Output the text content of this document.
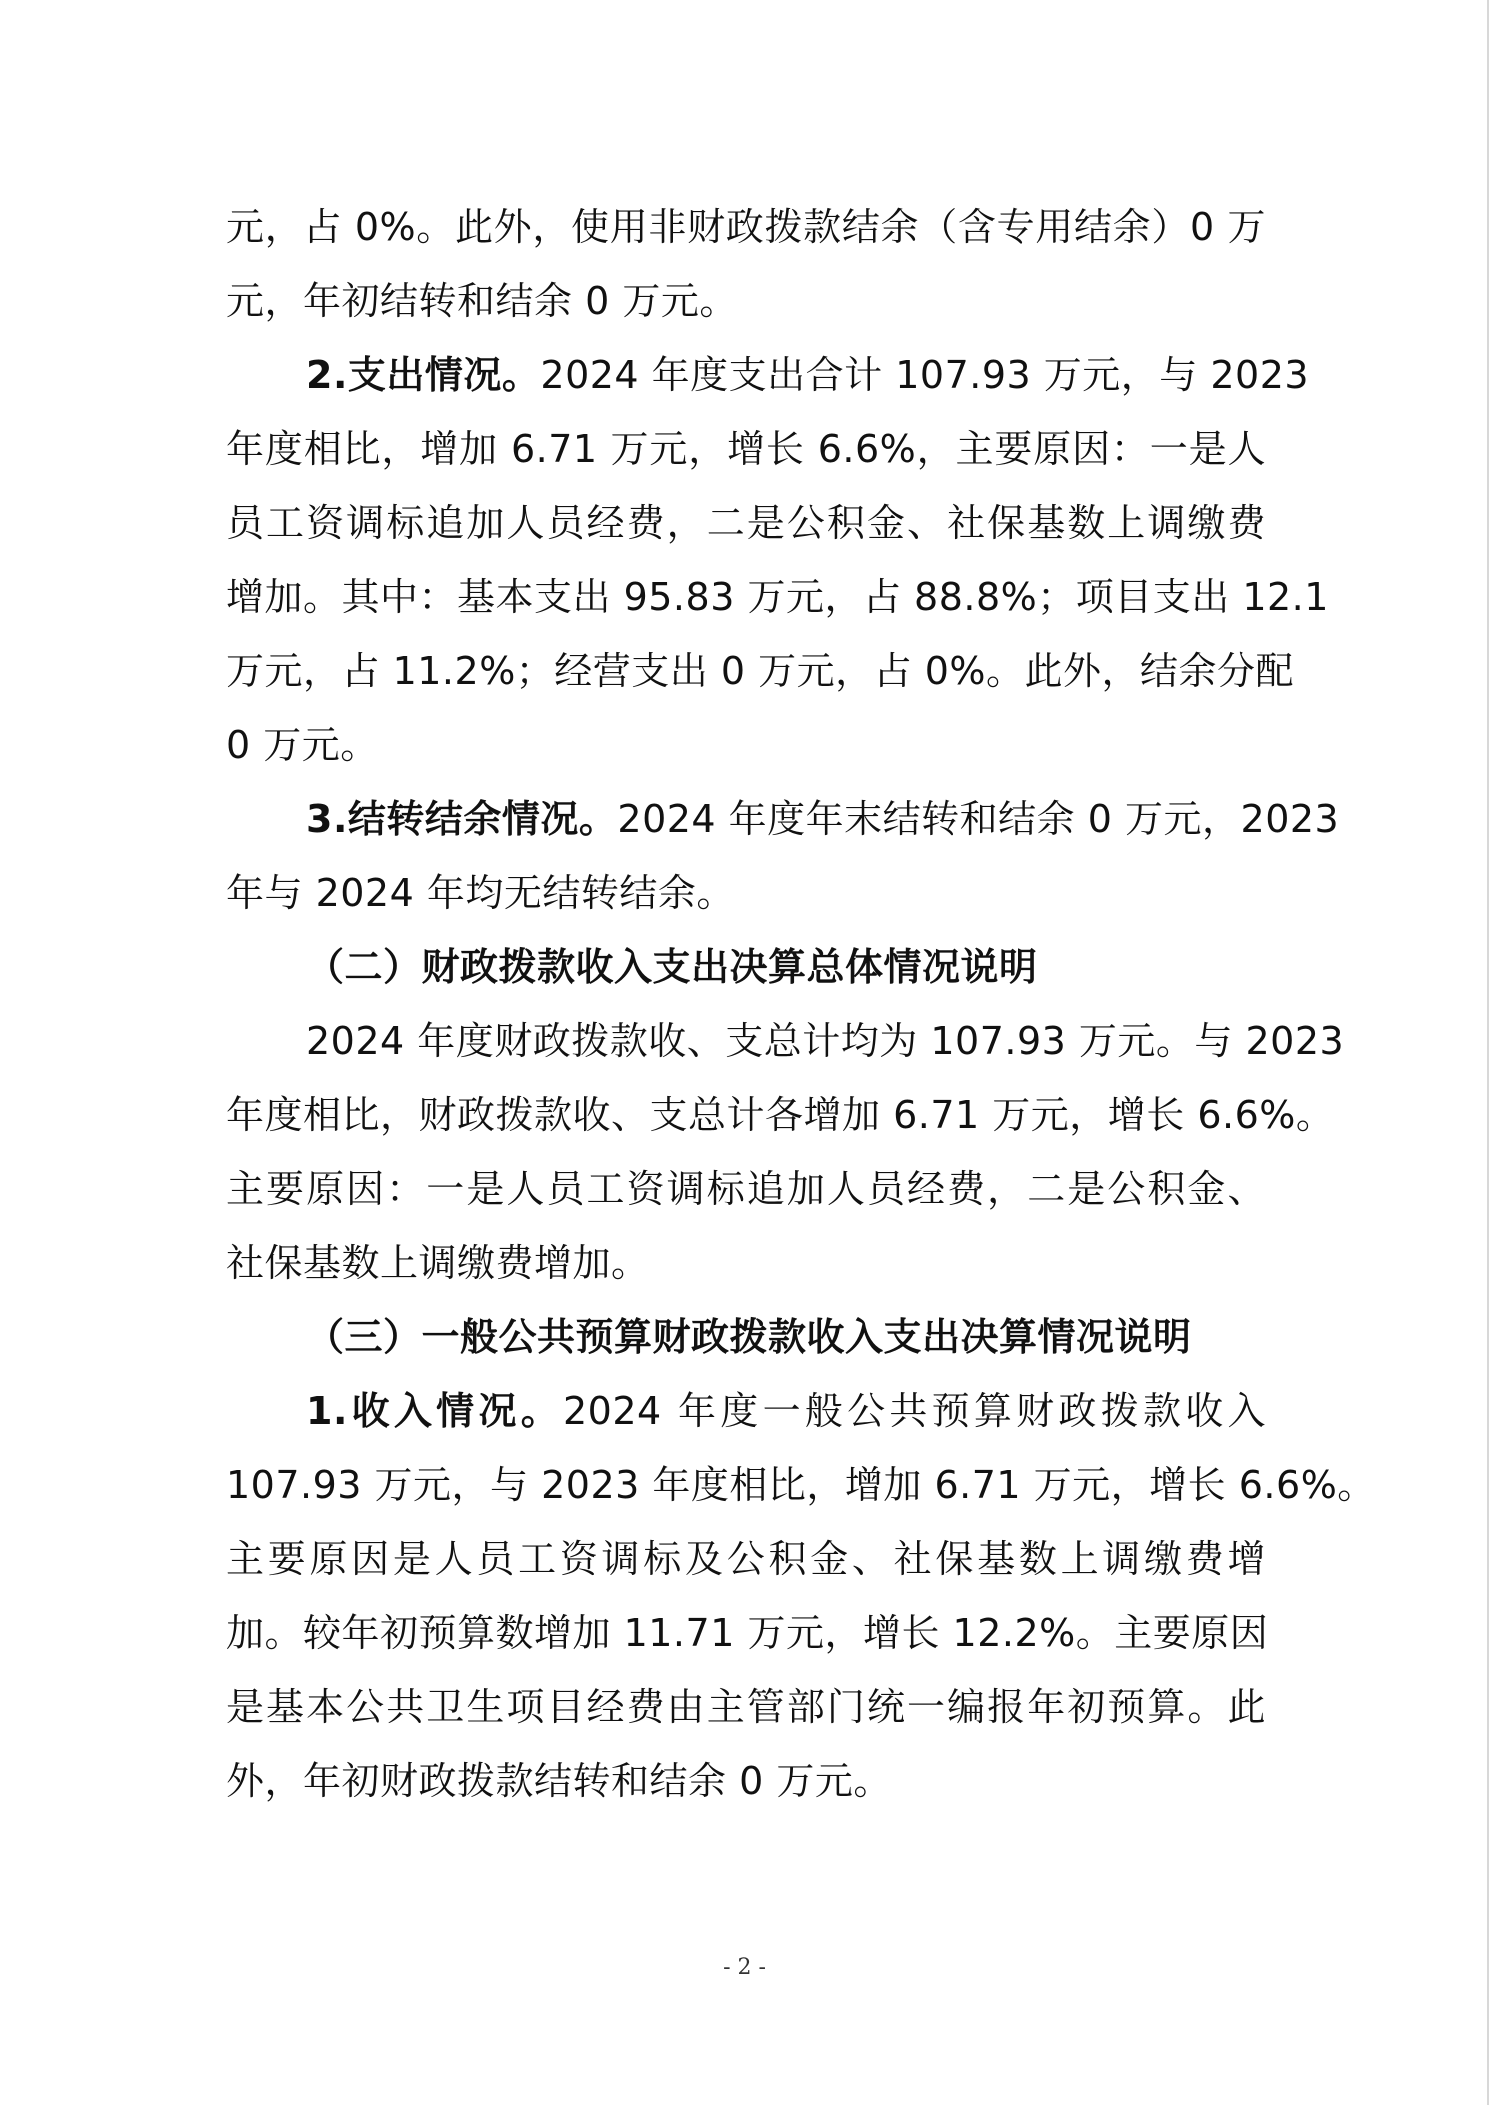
元，占 0%。此外，使用非财政拨款结余（含专用结余）0 万
元，年初结转和结余 0 万元。
2.支出情况。2024 年度支出合计 107.93 万元，与 2023
年度相比，增加 6.71 万元，增长 6.6%，主要原因：一是人
员工资调标追加人员经费，二是公积金、社保基数上调缴费
增加。其中：基本支出 95.83 万元，占 88.8%；项目支出 12.1
万元，占 11.2%；经营支出 0 万元，占 0%。此外，结余分配
0 万元。
3.结转结余情况。2024 年度年末结转和结余 0 万元，2023
年与 2024 年均无结转结余。
（二）财政拨款收入支出决算总体情况说明
2024 年度财政拨款收、支总计均为 107.93 万元。与 2023
年度相比，财政拨款收、支总计各增加 6.71 万元，增长 6.6%。
主要原因：一是人员工资调标追加人员经费，二是公积金、
社保基数上调缴费增加。
（三）一般公共预算财政拨款收入支出决算情况说明
1.收入情况。2024 年度一般公共预算财政拨款收入
107.93 万元，与 2023 年度相比，增加 6.71 万元，增长 6.6%。
主要原因是人员工资调标及公积金、社保基数上调缴费增
加。较年初预算数增加 11.71 万元，增长 12.2%。主要原因
是基本公共卫生项目经费由主管部门统一编报年初预算。此
外，年初财政拨款结转和结余 0 万元。
- 2 -
